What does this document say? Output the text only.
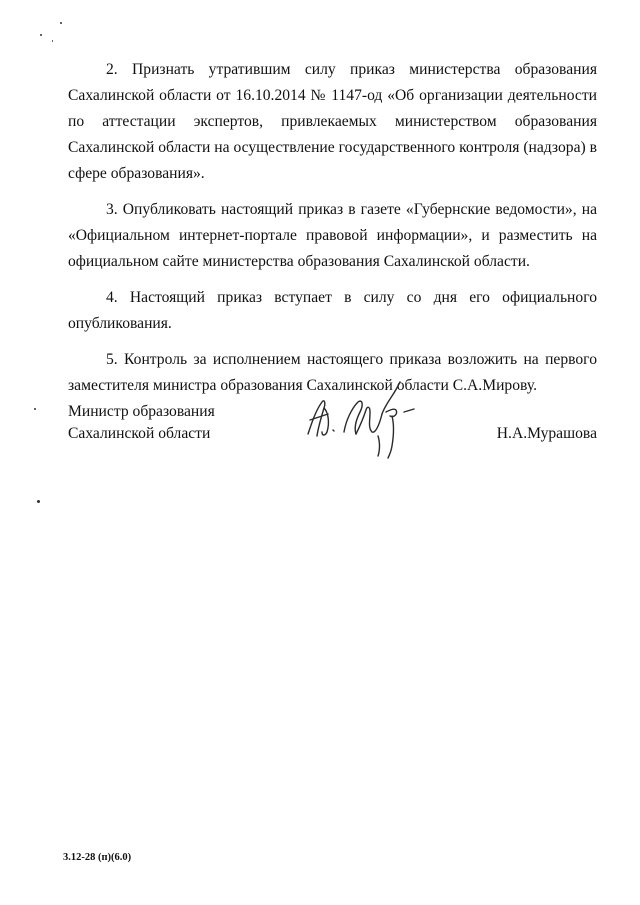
2. Признать утратившим силу приказ министерства образования Сахалинской области от 16.10.2014 № 1147-од «Об организации деятельности по аттестации экспертов, привлекаемых министерством образования Сахалинской области на осуществление государственного контроля (надзора) в сфере образования».

3. Опубликовать настоящий приказ в газете «Губернские ведомости», на «Официальном интернет-портале правовой информации», и разместить на официальном сайте министерства образования Сахалинской области.

4. Настоящий приказ вступает в силу со дня его официального опубликования.

5. Контроль за исполнением настоящего приказа возложить на первого заместителя министра образования Сахалинской области С.А.Мирову.

Министр образования
Сахалинской области	Н.А.Мурашова
3.12-28 (п)(6.0)
